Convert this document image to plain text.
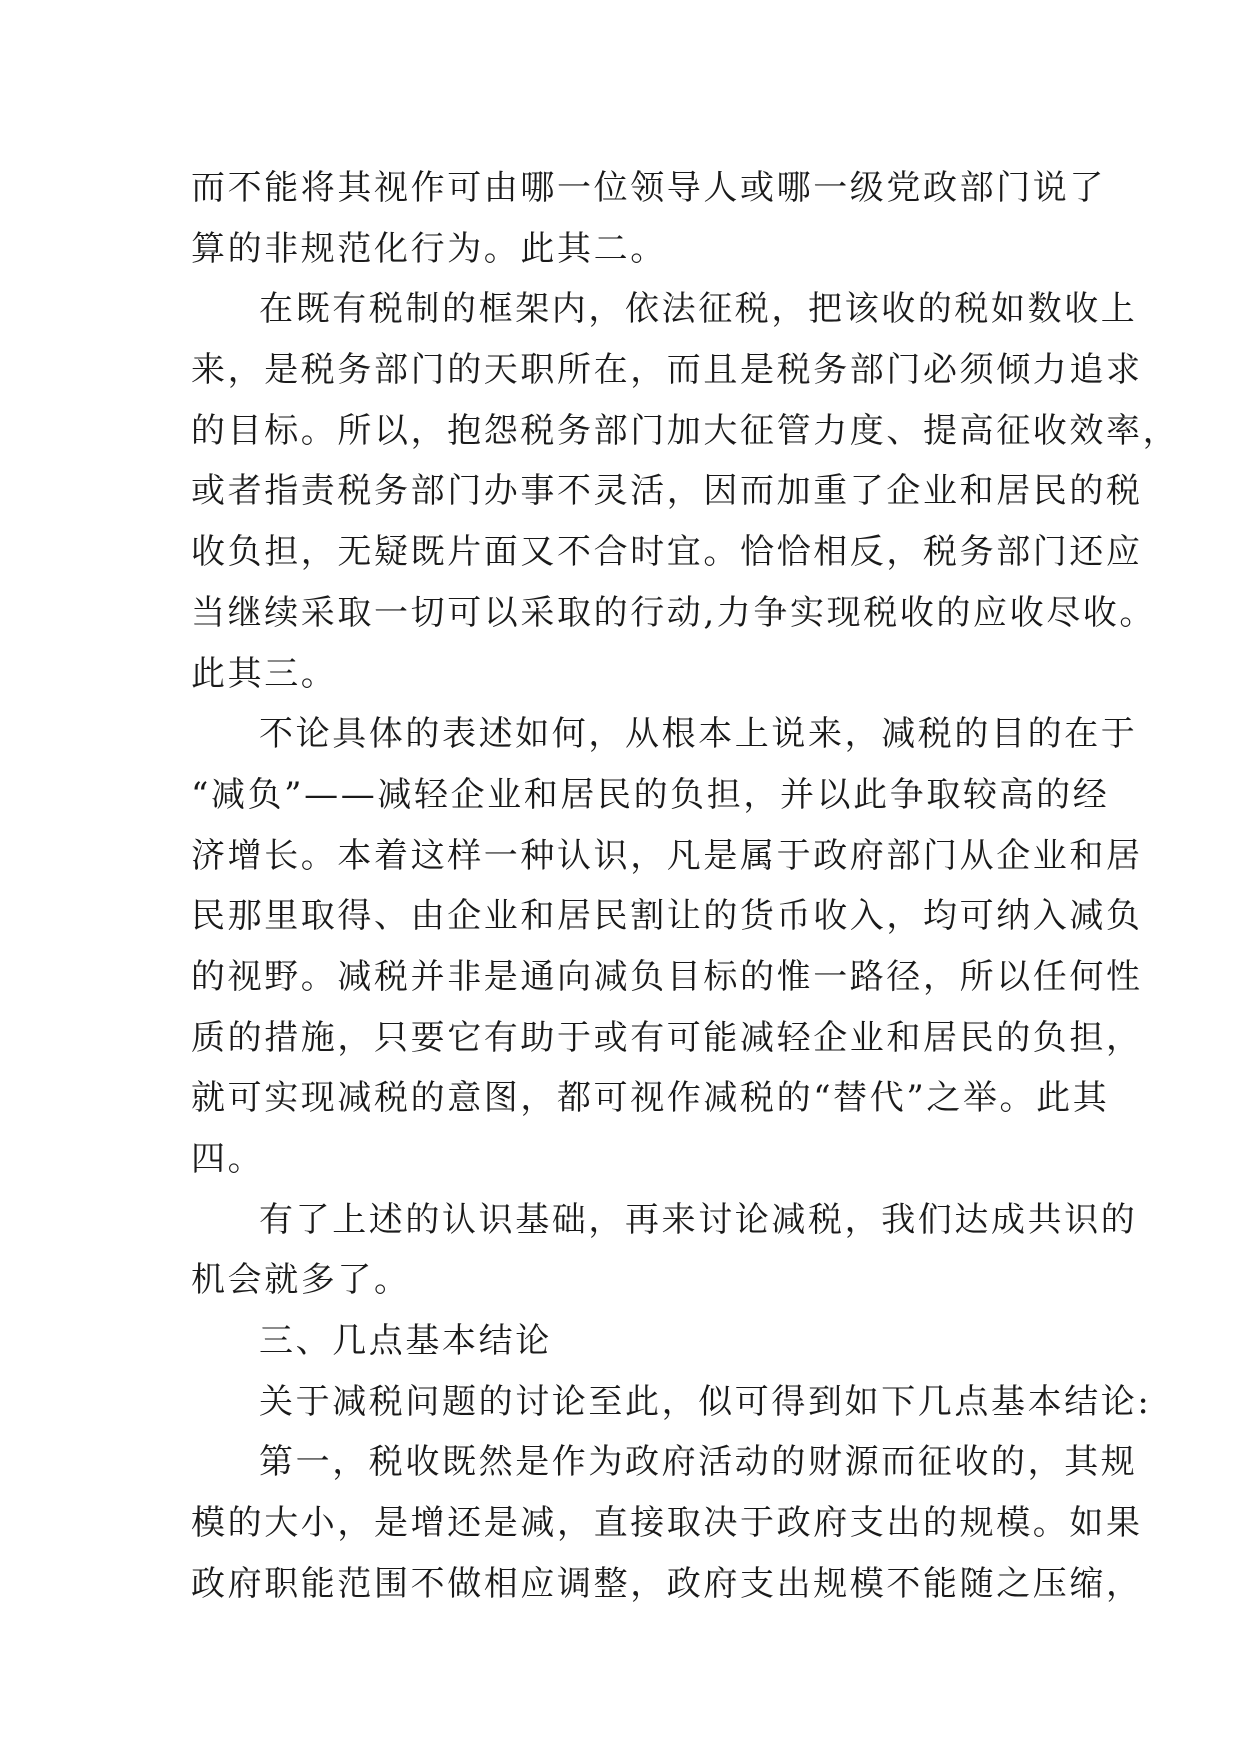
而不能将其视作可由哪一位领导人或哪一级党政部门说了
算的非规范化行为。此其二。
在既有税制的框架内，依法征税，把该收的税如数收上
来，是税务部门的天职所在，而且是税务部门必须倾力追求
的目标。所以，抱怨税务部门加大征管力度、提高征收效率，
或者指责税务部门办事不灵活，因而加重了企业和居民的税
收负担，无疑既片面又不合时宜。恰恰相反，税务部门还应
当继续采取一切可以采取的行动,力争实现税收的应收尽收。
此其三。
不论具体的表述如何，从根本上说来，减税的目的在于
“减负”——减轻企业和居民的负担，并以此争取较高的经
济增长。本着这样一种认识，凡是属于政府部门从企业和居
民那里取得、由企业和居民割让的货币收入，均可纳入减负
的视野。减税并非是通向减负目标的惟一路径，所以任何性
质的措施，只要它有助于或有可能减轻企业和居民的负担，
就可实现减税的意图，都可视作减税的“替代”之举。此其
四。
有了上述的认识基础，再来讨论减税，我们达成共识的
机会就多了。
三、几点基本结论
关于减税问题的讨论至此，似可得到如下几点基本结论:
第一，税收既然是作为政府活动的财源而征收的，其规
模的大小，是增还是减，直接取决于政府支出的规模。如果
政府职能范围不做相应调整，政府支出规模不能随之压缩，
